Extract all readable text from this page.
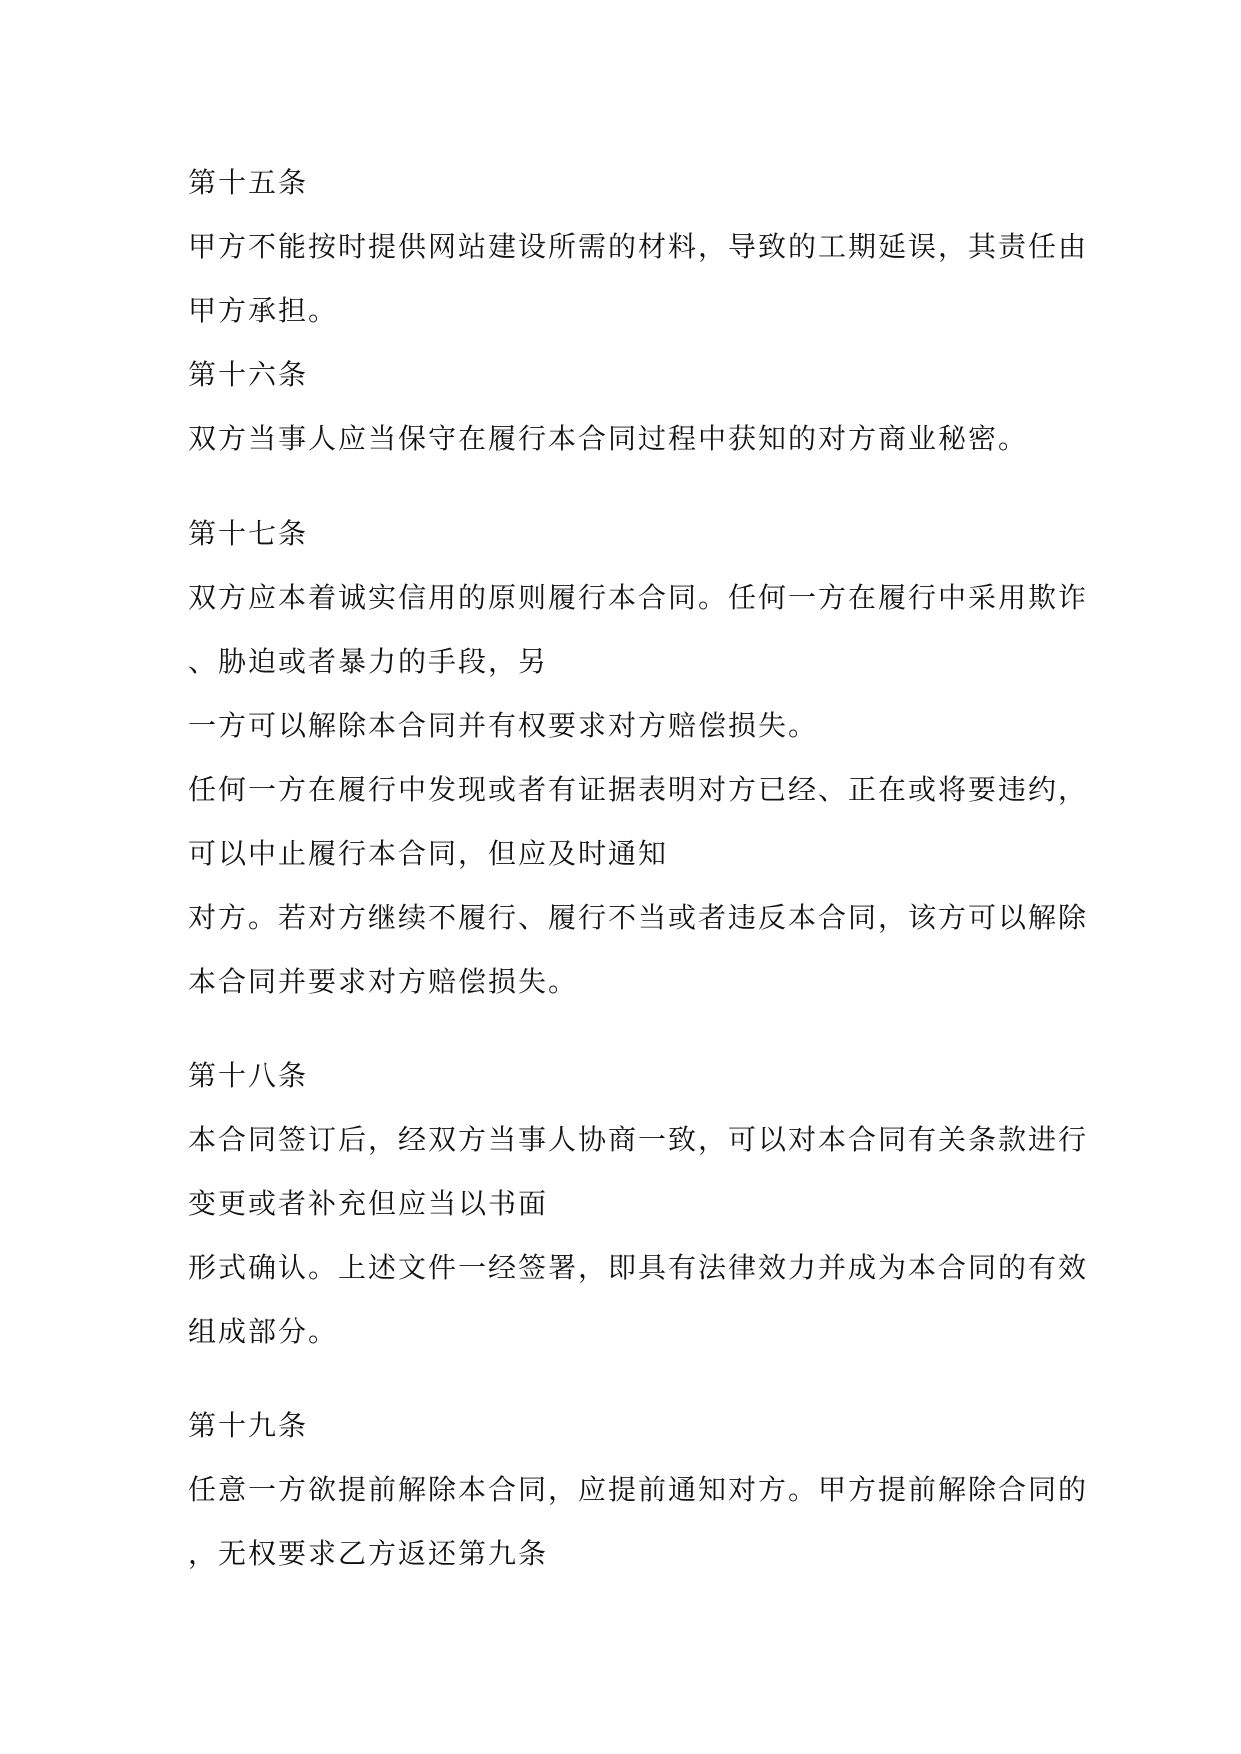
第十五条
甲方不能按时提供网站建设所需的材料，导致的工期延误，其责任由
甲方承担。
第十六条
双方当事人应当保守在履行本合同过程中获知的对方商业秘密。
第十七条
双方应本着诚实信用的原则履行本合同。任何一方在履行中采用欺诈
、胁迫或者暴力的手段，另
一方可以解除本合同并有权要求对方赔偿损失。
任何一方在履行中发现或者有证据表明对方已经、正在或将要违约，
可以中止履行本合同，但应及时通知
对方。若对方继续不履行、履行不当或者违反本合同，该方可以解除
本合同并要求对方赔偿损失。
第十八条
本合同签订后，经双方当事人协商一致，可以对本合同有关条款进行
变更或者补充但应当以书面
形式确认。上述文件一经签署，即具有法律效力并成为本合同的有效
组成部分。
第十九条
任意一方欲提前解除本合同，应提前通知对方。甲方提前解除合同的
，无权要求乙方返还第九条
